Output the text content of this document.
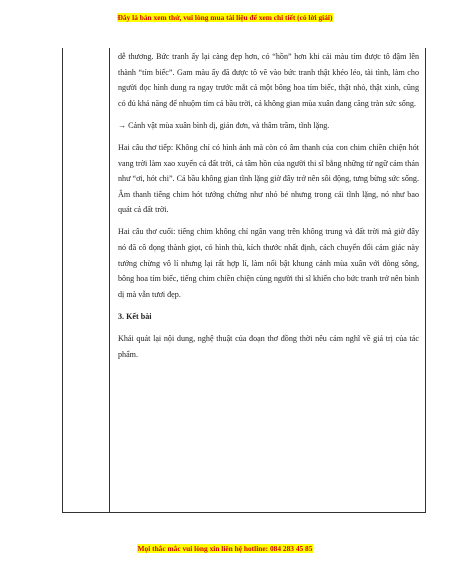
Đây là bản xem thử, vui lòng mua tài liệu để xem chi tiết (có lời giải)

dễ thương. Bức tranh ấy lại càng đẹp hơn, có “hồn” hơn khi cái màu tím được tô đậm lên thành “tím biếc”. Gam màu ấy đã được tô vẽ vào bức tranh thật khéo léo, tài tình, làm cho người đọc hình dung ra ngay trước mắt cả một bông hoa tím biếc, thật nhỏ, thật xinh, cũng có đủ khả năng để nhuộm tím cả bầu trời, cả không gian mùa xuân đang căng tràn sức sống.

→ Cảnh vật mùa xuân bình dị, giản đơn, và thâm trầm, tĩnh lặng.

Hai câu thơ tiếp: Không chỉ có hình ảnh mà còn có âm thanh của con chim chiền chiện hót vang trời làm xao xuyến cả đất trời, cả tâm hồn của người thi sĩ bằng những từ ngữ cảm thán như “ơi, hót chi”. Cả bầu không gian tĩnh lặng giờ đây trở nên sôi động, tưng bừng sức sống. Âm thanh tiếng chim hót tưởng chừng như nhỏ bé nhưng trong cái tĩnh lặng, nó như bao quát cả đất trời.

Hai câu thơ cuối: tiếng chim không chỉ ngân vang trên không trung và đất trời mà giờ đây nó đã cô đọng thành giọt, có hình thù, kích thước nhất định, cách chuyển đổi cảm giác này tưởng chừng vô lí nhưng lại rất hợp lí, làm nổi bật khung cảnh mùa xuân với dòng sông, bông hoa tím biếc, tiếng chim chiền chiện cùng người thi sĩ khiến cho bức tranh trở nên bình dị mà vẫn tươi đẹp.

3. Kết bài

Khái quát lại nội dung, nghệ thuật của đoạn thơ đồng thời nêu cảm nghĩ về giá trị của tác phẩm.

Mọi thắc mắc vui lòng xin liên hệ hotline: 084 283 45 85
